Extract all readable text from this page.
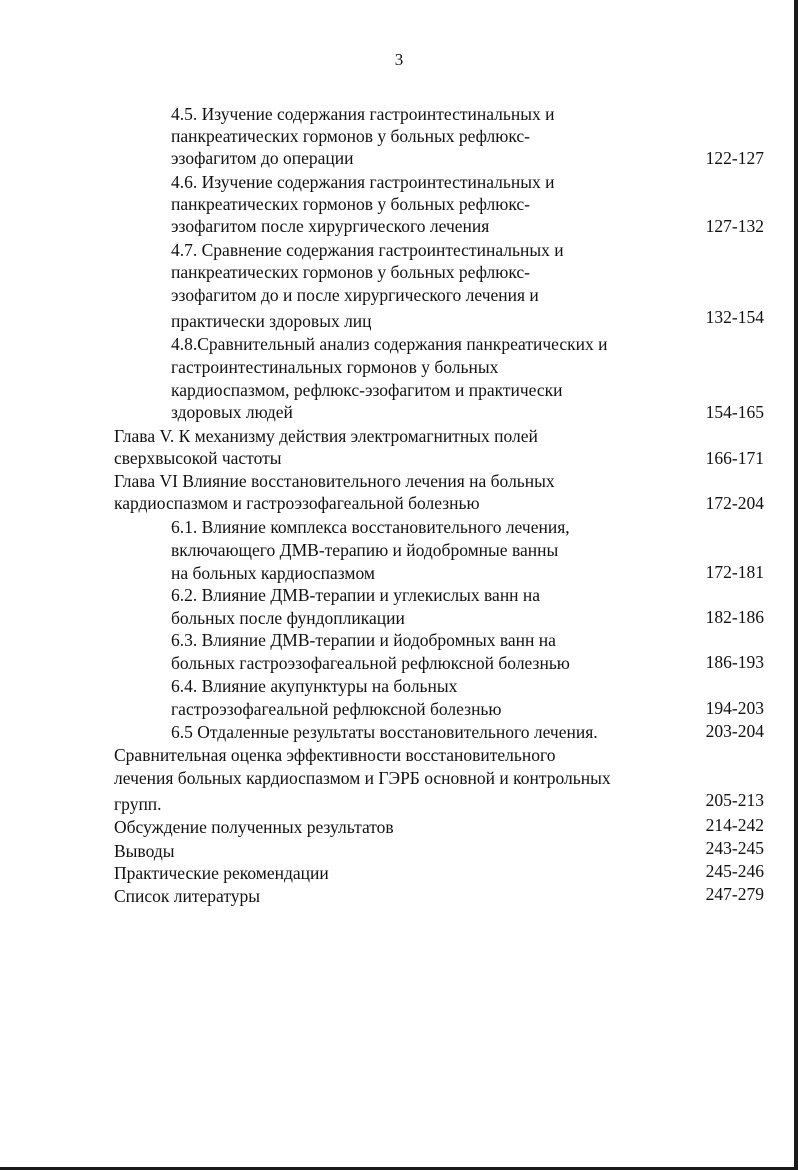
3
4.5. Изучение содержания гастроинтестинальных и
панкреатических гормонов у больных рефлюкс-
эзофагитом до операции	122-127
4.6. Изучение содержания гастроинтестинальных и
панкреатических гормонов у больных рефлюкс-
эзофагитом после хирургического лечения	127-132
4.7. Сравнение содержания гастроинтестинальных и
панкреатических гормонов у больных рефлюкс-
эзофагитом до и после хирургического лечения и
практически здоровых лиц	132-154
4.8.Сравнительный анализ содержания панкреатических и
гастроинтестинальных гормонов у больных
кардиоспазмом, рефлюкс-эзофагитом и практически
здоровых людей	154-165
Глава V. К механизму действия электромагнитных полей
сверхвысокой частоты	166-171
Глава VI Влияние восстановительного лечения на больных
кардиоспазмом и гастроэзофагеальной болезнью	172-204
6.1. Влияние комплекса восстановительного лечения,
включающего ДМВ-терапию и йодобромные ванны
на больных кардиоспазмом	172-181
6.2. Влияние ДМВ-терапии и углекислых ванн на
больных после фундопликации	182-186
6.3. Влияние ДМВ-терапии и йодобромных ванн на
больных гастроэзофагеальной рефлюксной болезнью	186-193
6.4. Влияние акупунктуры на больных
гастроэзофагеальной рефлюксной болезнью	194-203
6.5 Отдаленные результаты восстановительного лечения.	203-204
Сравнительная оценка эффективности восстановительного
лечения больных кардиоспазмом и ГЭРБ основной и контрольных
групп.	205-213
Обсуждение полученных результатов	214-242
Выводы	243-245
Практические рекомендации	245-246
Список литературы	247-279
